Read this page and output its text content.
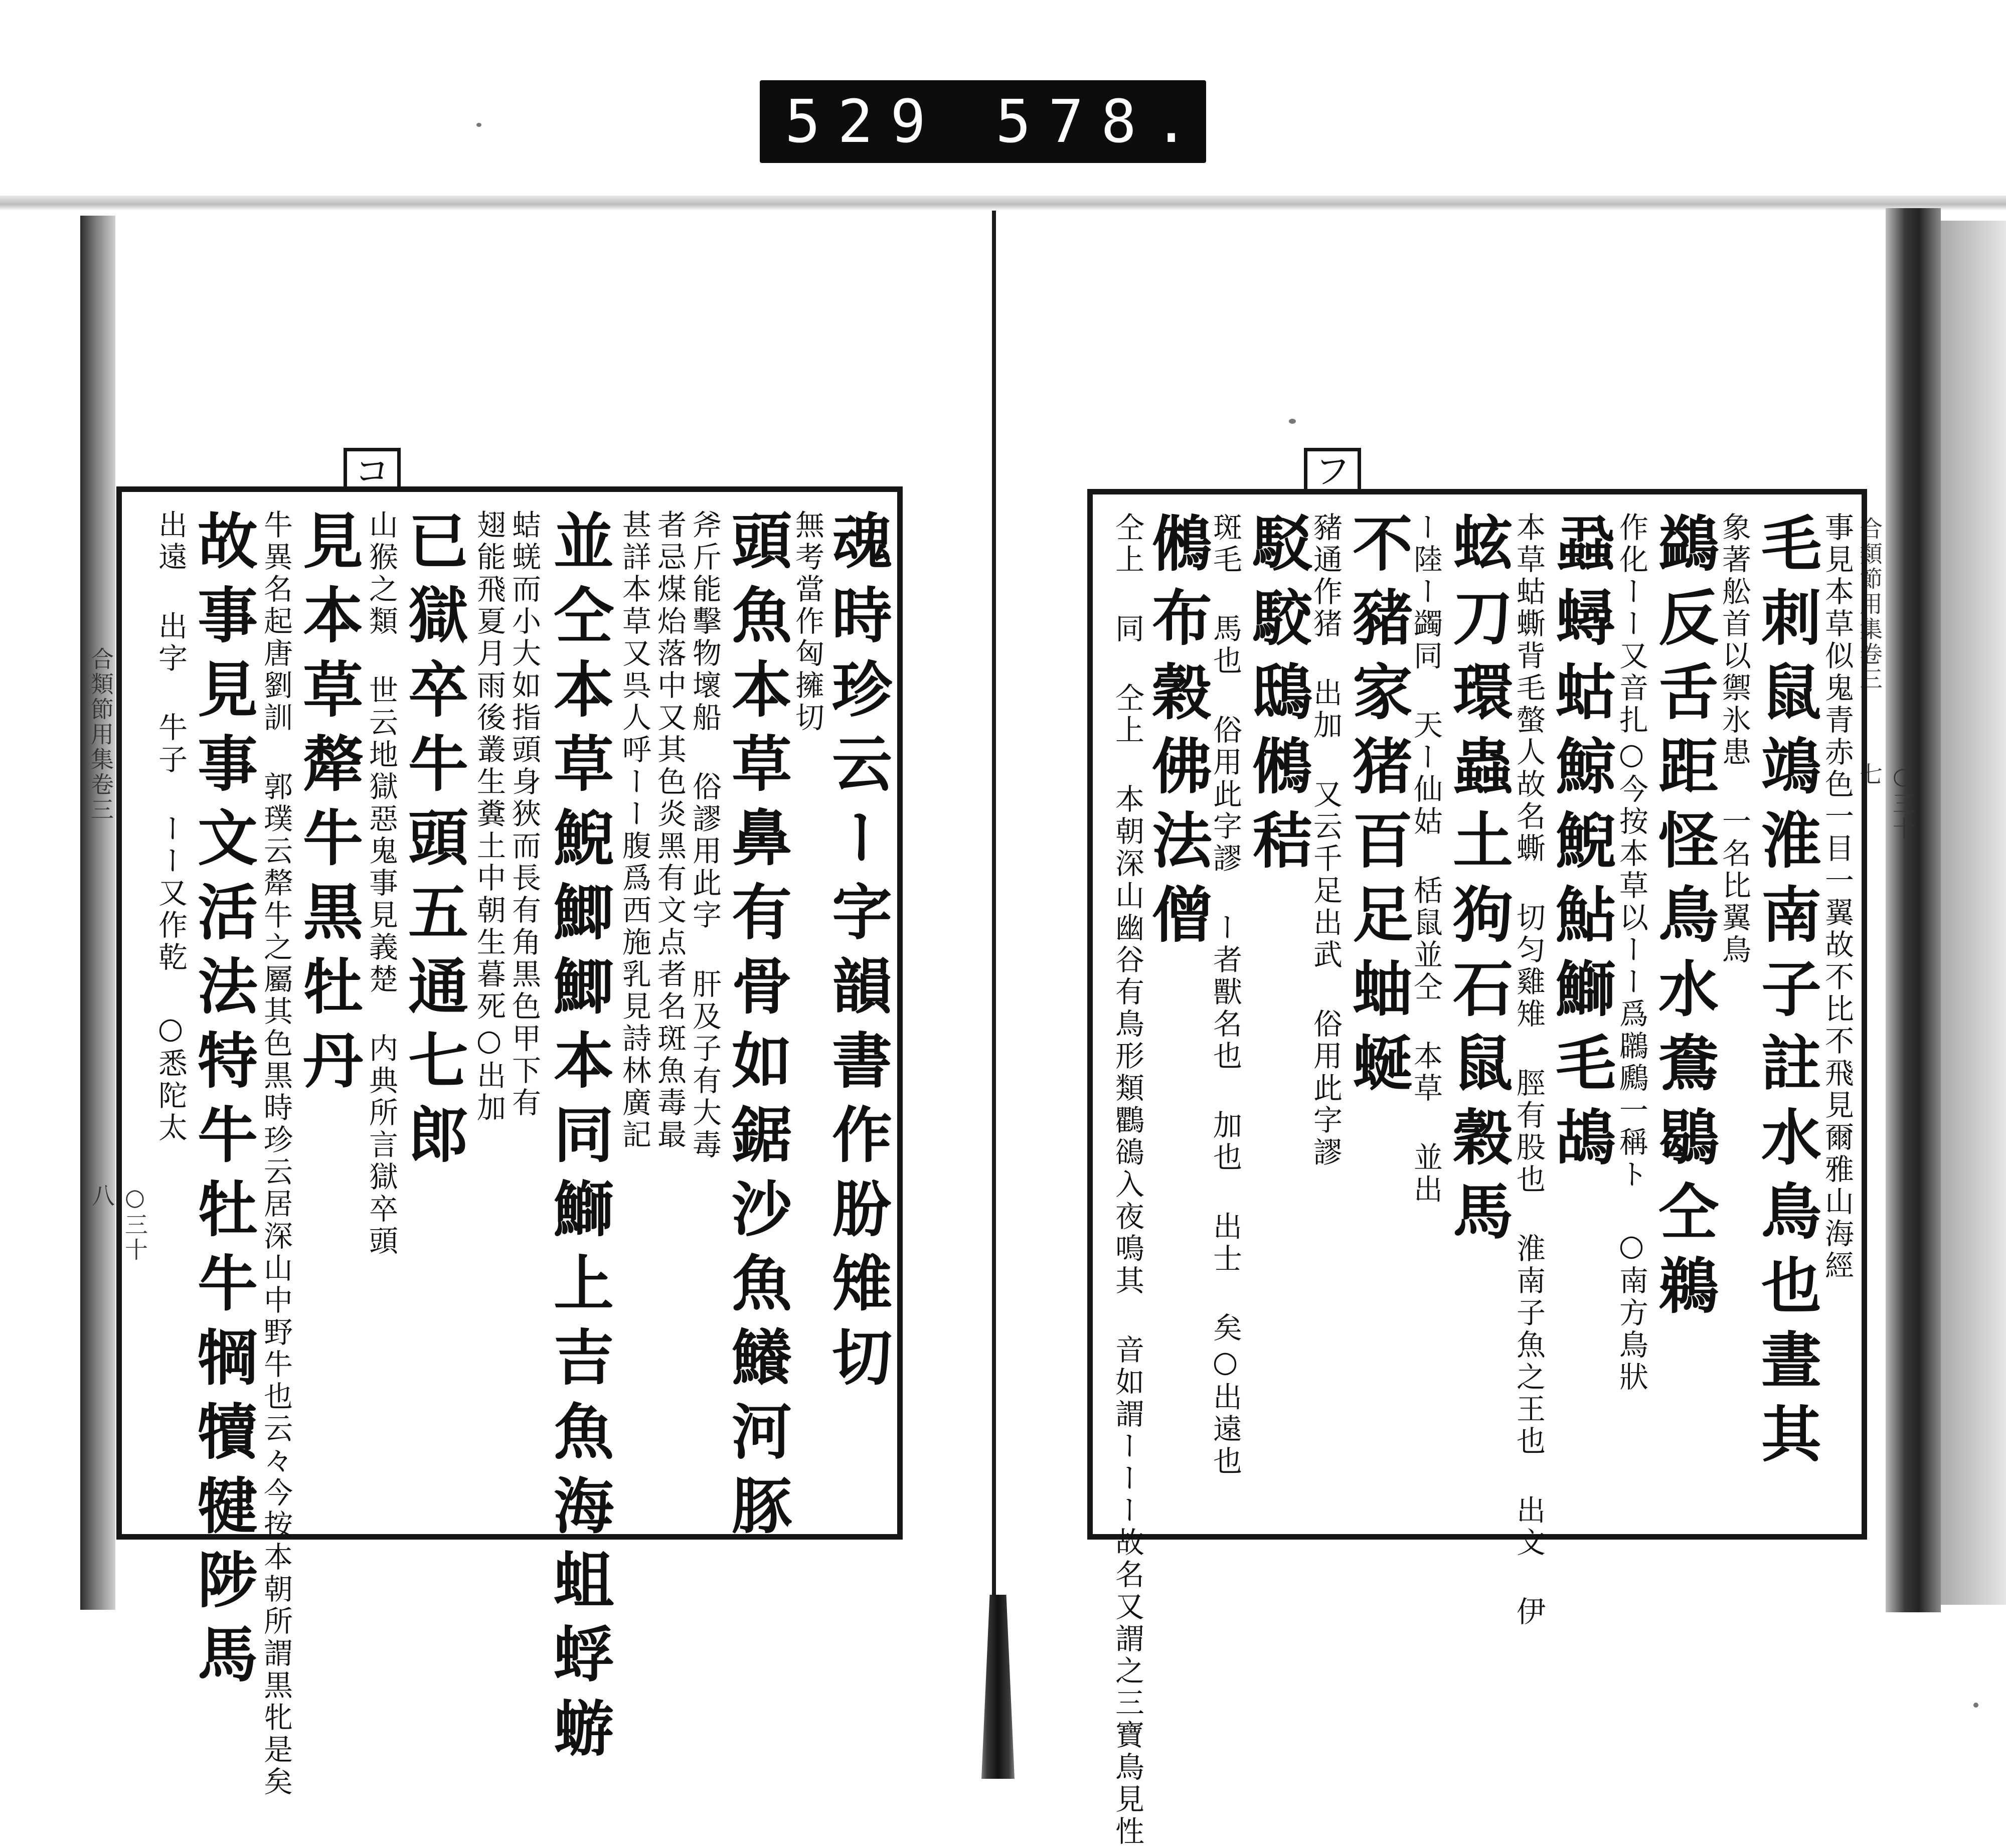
529 578.
コ
合類節用集卷三
○三十八	魂時珍云ー字韻書作朌雉切
無考當作匈擁切
頭魚本草鼻有骨如鋸沙魚鱶河豚
斧斤能擊物壞船 俗謬用此字 肝及子有大毒
者忌煤炲落中又其色炎黑有文点者名斑魚毒最
甚詳本草又呉人呼ーー腹爲西施乳見詩林廣記
並仝本草鯢鯽鯽本同鰤上吉魚海蛆蜉蝣
蛣蜣而小大如指頭身狹而長有角黒色甲下有
翅能飛夏月雨後叢生糞土中朝生暮死○出加
已獄卒牛頭五通七郎
山猴之類 世云地獄惡鬼事見義楚 内典所言獄卒頭
見本草犛牛黒牡丹
牛異名起唐劉訓 郭璞云犛牛之屬其色黒時珍云居深山中野牛也云々今按本朝所謂黒牝是矣
故事見事文活法特牛牡牛犅犢犍陟馬
出遠 出字 牛子 ーー又作乾 ○悉陀太
フ
合類節用集卷三
○三十七
事見本草似鬼青赤色一目一翼故不比不飛見爾雅山海經
毛刺鼠鴗淮南子註水鳥也晝其
象著舩首以禦氷患 一名比翼鳥
鷁反舌距怪鳥水鴦鶡仝鵜
作化ーー又音扎○今按本草以ーー爲鸊鷉一稱ト ○南方鳥狀
蝨蟳蛄鯨鯢鮎鰤毛鴣
本草蛄蟖背毛螫人故名蟖 切匀雞雉 脛有股也 淮南子魚之王也 出文 伊
蚿刀環蟲土狗石鼠穀馬
ー陸ー蠲同 天ー仙姑 栝鼠並仝 本草 並出
不豬家猪百足蚰蜒
豬通作猪 出加 又云千足出武 俗用此字謬
駁駮鴟鵂秸
斑毛 馬也 俗用此字謬 ー者獸名也 加也 出士 矣○出遠也
鵂布穀佛法僧
仝上 同 仝上 本朝深山幽谷有鳥形類鸜鵒入夜鳴其 音如謂ーーー故名又謂之三寶鳥見性
